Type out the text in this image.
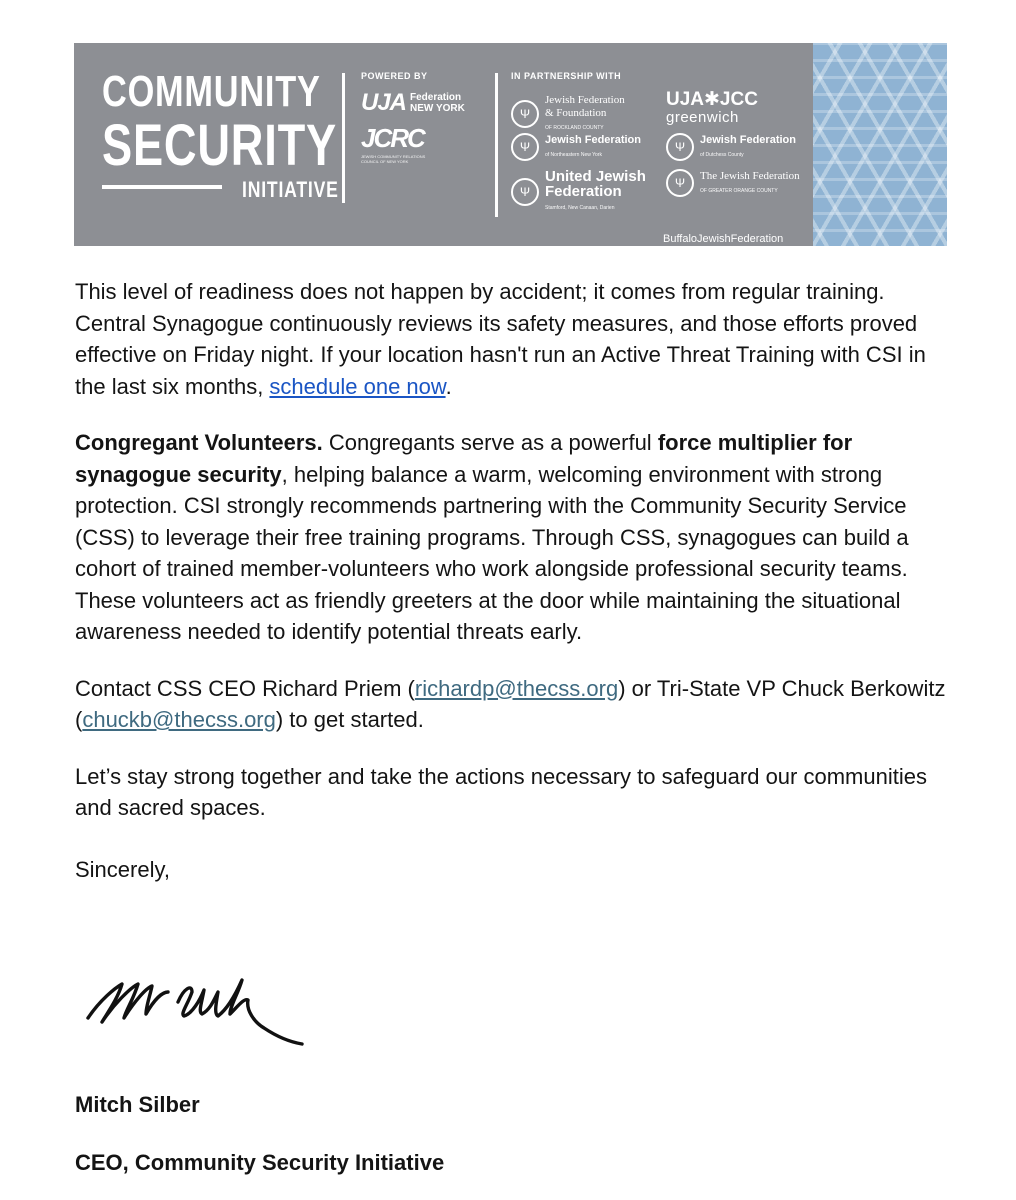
COMMUNITY
SECURITY
INITIATIVE
POWERED BY
UJA Federation
NEW YORK
JCRC
JEWISH COMMUNITY RELATIONS COUNCIL OF NEW YORK
IN PARTNERSHIP WITH
Ψ
Jewish Federation
& Foundation
OF ROCKLAND COUNTY
Ψ	Jewish Federation
of Northeastern New York
Ψ
United Jewish
Federation
Stamford, New Canaan, Darien
UJA✱JCC
greenwich
Ψ	Jewish Federation
of Dutchess County
Ψ	The Jewish Federation
OF GREATER ORANGE COUNTY
BuffaloJewishFederation

This level of readiness does not happen by accident; it comes from regular training. Central Synagogue continuously reviews its safety measures, and those efforts proved effective on Friday night. If your location hasn't run an Active Threat Training with CSI in the last six months, schedule one now.

Congregant Volunteers. Congregants serve as a powerful force multiplier for synagogue security, helping balance a warm, welcoming environment with strong protection. CSI strongly recommends partnering with the Community Security Service (CSS) to leverage their free training programs. Through CSS, synagogues can build a cohort of trained member-volunteers who work alongside professional security teams. These volunteers act as friendly greeters at the door while maintaining the situational awareness needed to identify potential threats early.

Contact CSS CEO Richard Priem (richardp@thecss.org) or Tri-State VP Chuck Berkowitz (chuckb@thecss.org) to get started.

Let’s stay strong together and take the actions necessary to safeguard our communities and sacred spaces.

Sincerely,

Mitch Silber
CEO, Community Security Initiative
